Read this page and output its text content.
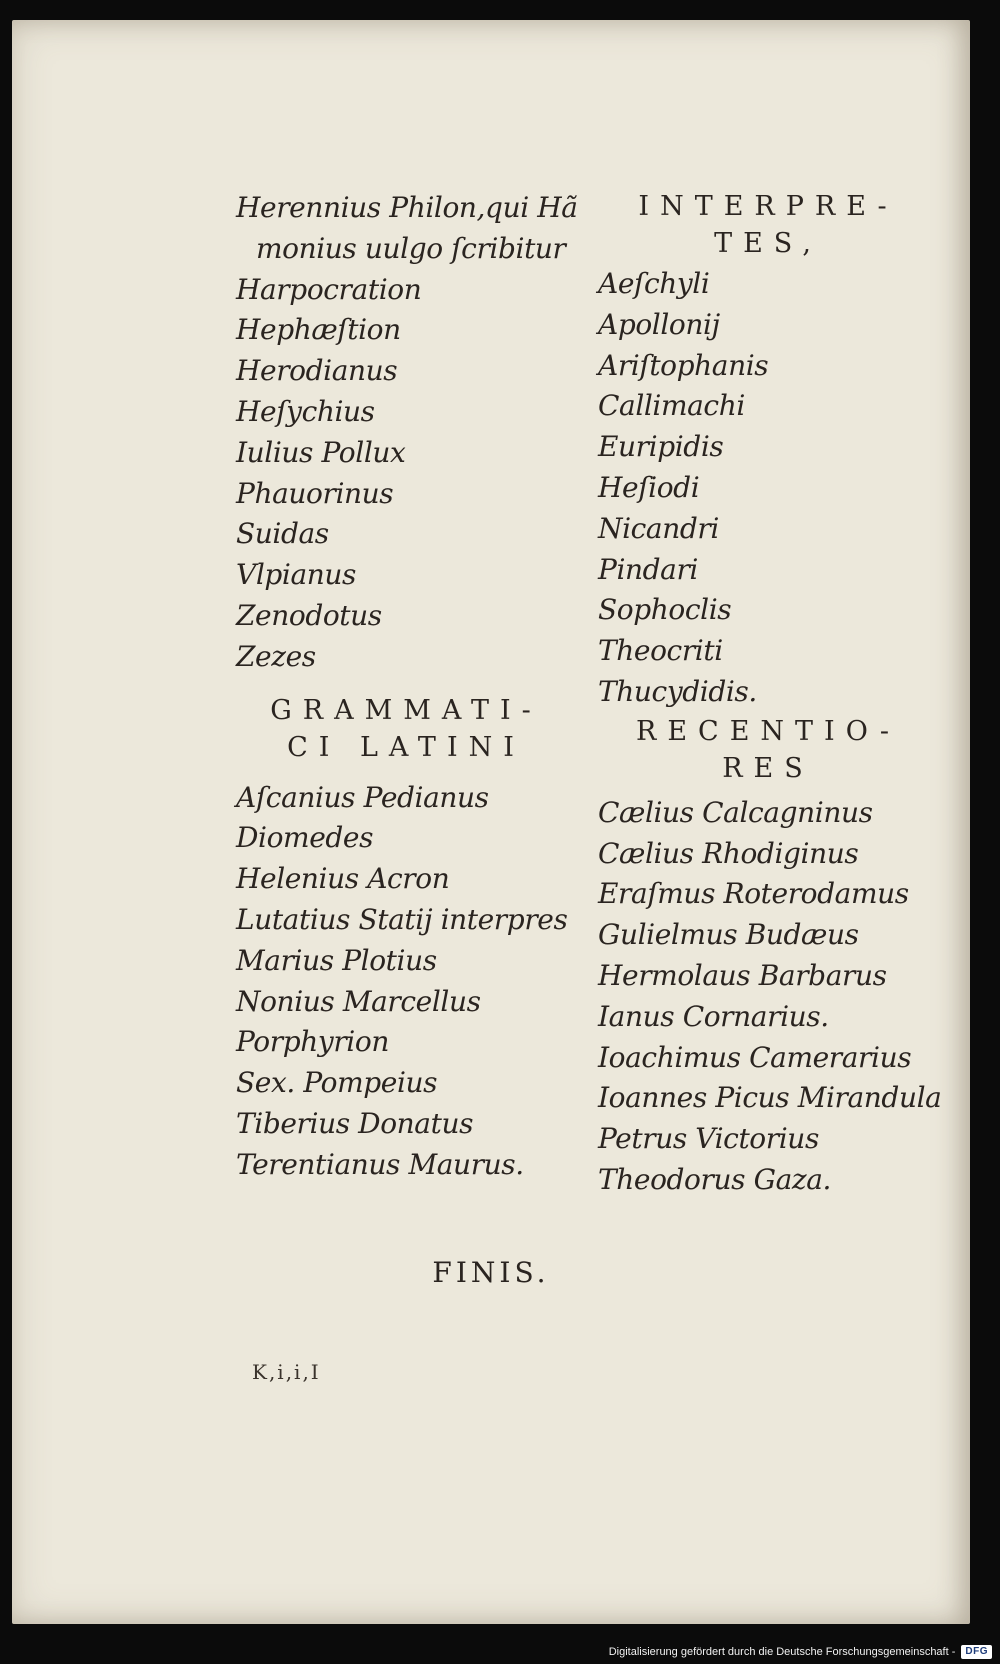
Herennius Philon,qui Hã
monius uulgo ſcribitur
Harpocration
Hephæſtion
Herodianus
Heſychius
Iulius Pollux
Phauorinus
Suidas
Vlpianus
Zenodotus
Zezes
GRAMMATI-
CI LATINI
Aſcanius Pedianus
Diomedes
Helenius Acron
Lutatius Statij interpres
Marius Plotius
Nonius Marcellus
Porphyrion
Sex. Pompeius
Tiberius Donatus
Terentianus Maurus.
INTERPRE-
TES,
Aeſchyli
Apollonij
Ariſtophanis
Callimachi
Euripidis
Heſiodi
Nicandri
Pindari
Sophoclis
Theocriti
Thucydidis.
RECENTIO-
RES
Cælius Calcagninus
Cælius Rhodiginus
Eraſmus Roterodamus
Gulielmus Budæus
Hermolaus Barbarus
Ianus Cornarius.
Ioachimus Camerarius
Ioannes Picus Mirandula
Petrus Victorius
Theodorus Gaza.
FINIS.
K,i,i,I
Digitalisierung gefördert durch die Deutsche Forschungsgemeinschaft -	DFG
